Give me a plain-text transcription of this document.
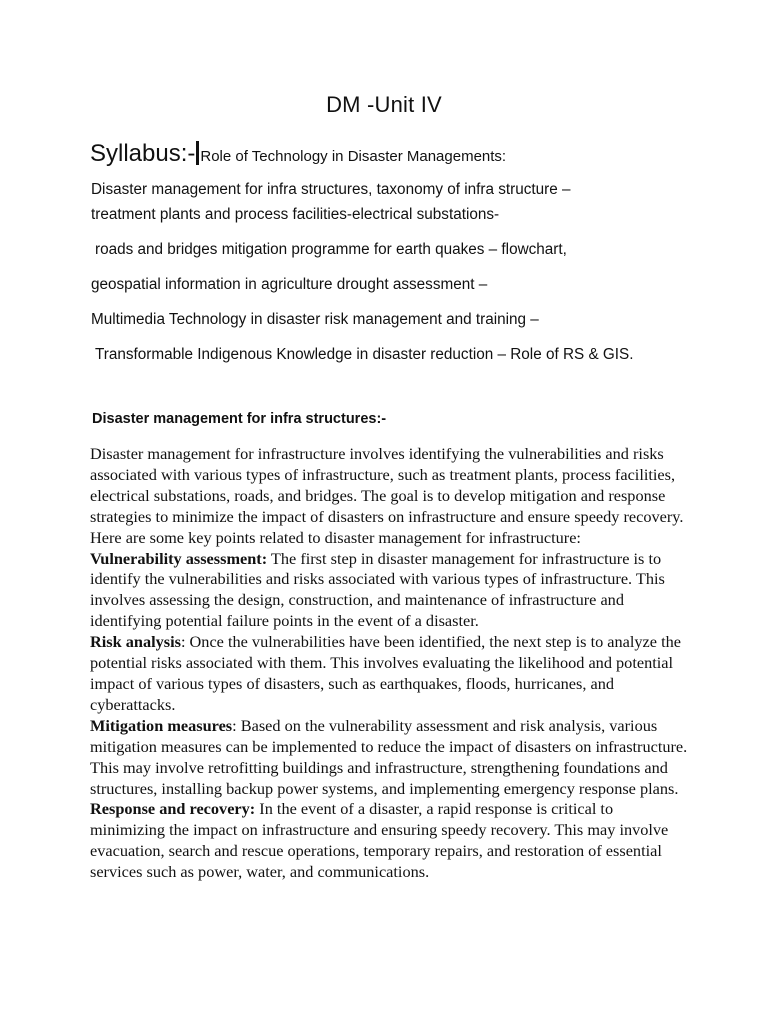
DM -Unit IV
Syllabus:- Role of Technology in Disaster Managements:

Disaster management for infra structures, taxonomy of infra structure –

treatment plants and process facilities-electrical substations-

roads and bridges mitigation programme for earth quakes – flowchart,

geospatial information in agriculture drought assessment –

Multimedia Technology in disaster risk management and training –

Transformable Indigenous Knowledge in disaster reduction – Role of RS & GIS.

Disaster management for infra structures:-

Disaster management for infrastructure involves identifying the vulnerabilities and risks associated with various types of infrastructure, such as treatment plants, process facilities, electrical substations, roads, and bridges. The goal is to develop mitigation and response strategies to minimize the impact of disasters on infrastructure and ensure speedy recovery. Here are some key points related to disaster management for infrastructure:

Vulnerability assessment: The first step in disaster management for infrastructure is to identify the vulnerabilities and risks associated with various types of infrastructure. This involves assessing the design, construction, and maintenance of infrastructure and identifying potential failure points in the event of a disaster.

Risk analysis: Once the vulnerabilities have been identified, the next step is to analyze the potential risks associated with them. This involves evaluating the likelihood and potential impact of various types of disasters, such as earthquakes, floods, hurricanes, and cyberattacks.

Mitigation measures: Based on the vulnerability assessment and risk analysis, various mitigation measures can be implemented to reduce the impact of disasters on infrastructure. This may involve retrofitting buildings and infrastructure, strengthening foundations and structures, installing backup power systems, and implementing emergency response plans.

Response and recovery: In the event of a disaster, a rapid response is critical to minimizing the impact on infrastructure and ensuring speedy recovery. This may involve evacuation, search and rescue operations, temporary repairs, and restoration of essential services such as power, water, and communications.
